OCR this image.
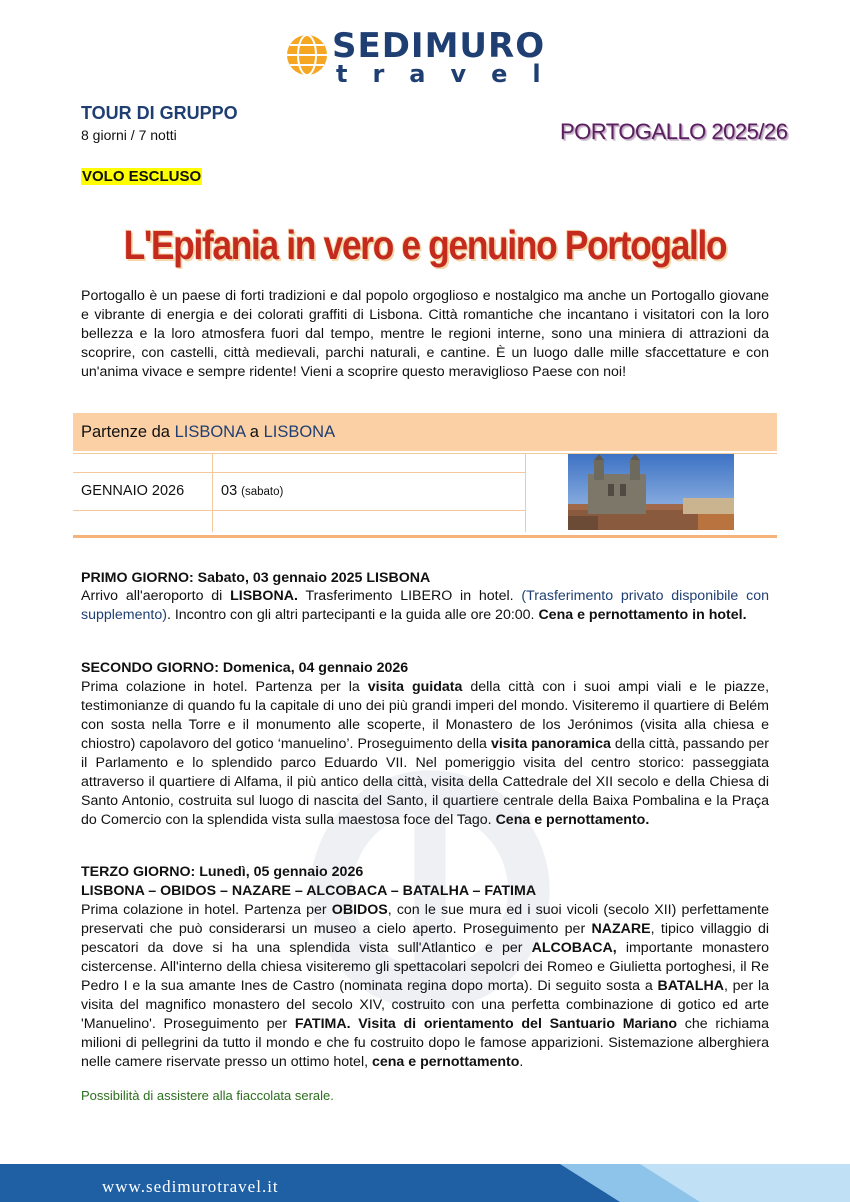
SEDIMURO
travel
TOUR DI GRUPPO
8 giorni / 7 notti	PORTOGALLO 2025/26
VOLO ESCLUSO
L'Epifania in vero e genuino Portogallo
Portogallo è un paese di forti tradizioni e dal popolo orgoglioso e nostalgico ma anche un Portogallo giovane e vibrante di energia e dei colorati graffiti di Lisbona. Città romantiche che incantano i visitatori con la loro bellezza e la loro atmosfera fuori dal tempo, mentre le regioni interne, sono una miniera di attrazioni da scoprire, con castelli, città medievali, parchi naturali, e cantine. È un luogo dalle mille sfaccettature e con un'anima vivace e sempre ridente! Vieni a scoprire questo meraviglioso Paese con noi!
Partenze da LISBONA a LISBONA
GENNAIO 2026	03 (sabato)
PRIMO GIORNO: Sabato, 03 gennaio 2025 LISBONA
Arrivo all'aeroporto di LISBONA. Trasferimento LIBERO in hotel. (Trasferimento privato disponibile con supplemento). Incontro con gli altri partecipanti e la guida alle ore 20:00. Cena e pernottamento in hotel.
SECONDO GIORNO: Domenica, 04 gennaio 2026
Prima colazione in hotel. Partenza per la visita guidata della città con i suoi ampi viali e le piazze, testimonianze di quando fu la capitale di uno dei più grandi imperi del mondo. Visiteremo il quartiere di Belém con sosta nella Torre e il monumento alle scoperte, il Monastero de los Jerónimos (visita alla chiesa e chiostro) capolavoro del gotico ‘manuelino’. Proseguimento della visita panoramica della città, passando per il Parlamento e lo splendido parco Eduardo VII. Nel pomeriggio visita del centro storico: passeggiata attraverso il quartiere di Alfama, il più antico della città, visita della Cattedrale del XII secolo e della Chiesa di Santo Antonio, costruita sul luogo di nascita del Santo, il quartiere centrale della Baixa Pombalina e la Praça do Comercio con la splendida vista sulla maestosa foce del Tago. Cena e pernottamento.
TERZO GIORNO: Lunedì, 05 gennaio 2026
LISBONA – OBIDOS – NAZARE – ALCOBACA – BATALHA – FATIMA
Prima colazione in hotel. Partenza per OBIDOS, con le sue mura ed i suoi vicoli (secolo XII) perfettamente preservati che può considerarsi un museo a cielo aperto. Proseguimento per NAZARE, tipico villaggio di pescatori da dove si ha una splendida vista sull'Atlantico e per ALCOBACA, importante monastero cistercense. All'interno della chiesa visiteremo gli spettacolari sepolcri dei Romeo e Giulietta portoghesi, il Re Pedro I e la sua amante Ines de Castro (nominata regina dopo morta). Di seguito sosta a BATALHA, per la visita del magnifico monastero del secolo XIV, costruito con una perfetta combinazione di gotico ed arte 'Manuelino'. Proseguimento per FATIMA. Visita di orientamento del Santuario Mariano che richiama milioni di pellegrini da tutto il mondo e che fu costruito dopo le famose apparizioni. Sistemazione alberghiera nelle camere riservate presso un ottimo hotel, cena e pernottamento.
Possibilità di assistere alla fiaccolata serale.
www.sedimurotravel.it
